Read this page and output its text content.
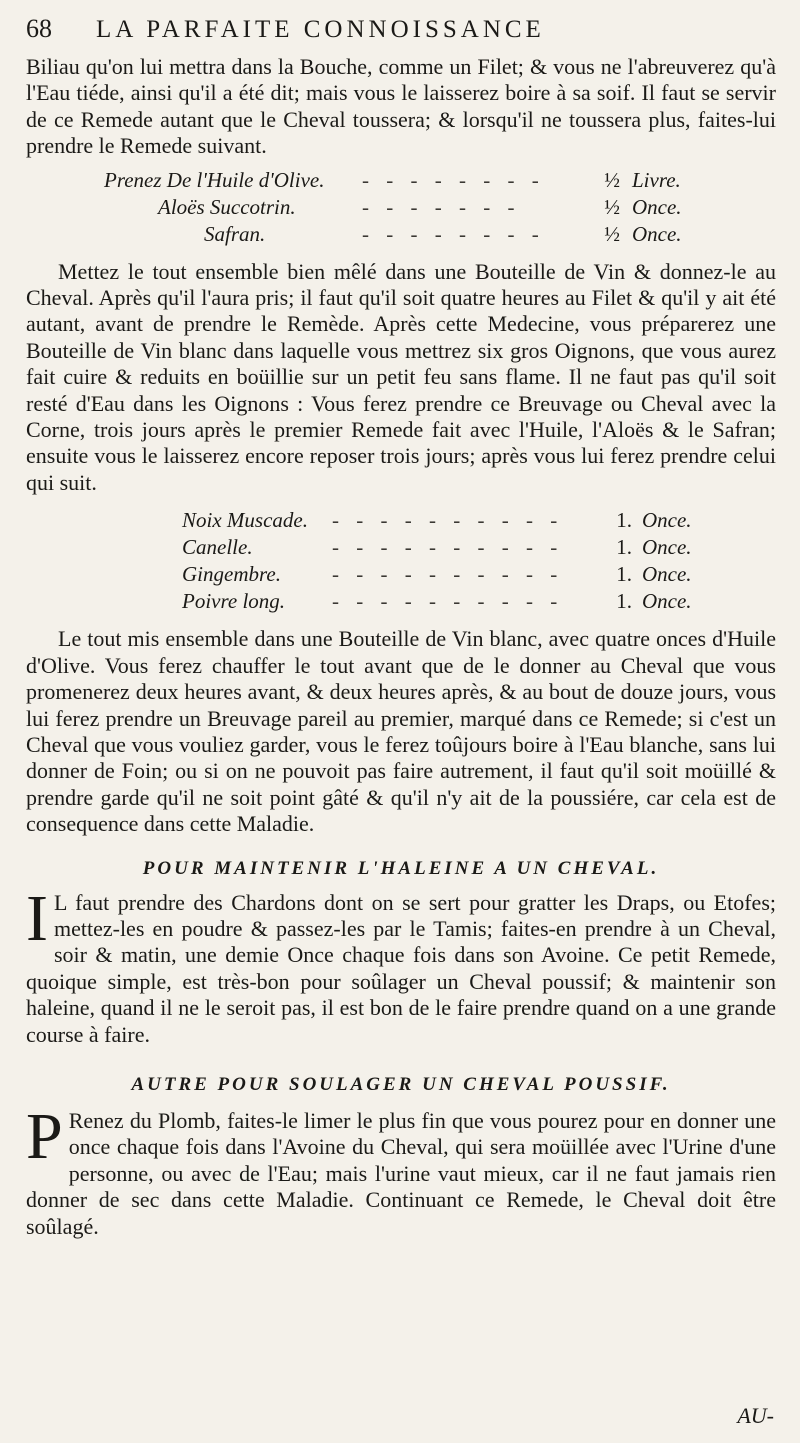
68	LA PARFAITE CONNOISSANCE

Biliau qu'on lui mettra dans la Bouche, comme un Filet; & vous ne l'abreuverez qu'à l'Eau tiéde, ainsi qu'il a été dit; mais vous le laisserez boire à sa soif. Il faut se servir de ce Remede autant que le Cheval toussera; & lorsqu'il ne toussera plus, faites-lui prendre le Remede suivant.

Prenez De l'Huile d'Olive.	- - - - - - - -	½ Livre.
Aloës Succotrin.	- - - - - - -	½ Once.
Safran.	- - - - - - - -	½ Once.

Mettez le tout ensemble bien mêlé dans une Bouteille de Vin & donnez-le au Cheval. Après qu'il l'aura pris; il faut qu'il soit quatre heures au Filet & qu'il y ait été autant, avant de prendre le Remède. Après cette Medecine, vous préparerez une Bouteille de Vin blanc dans laquelle vous mettrez six gros Oignons, que vous aurez fait cuire & reduits en boüillie sur un petit feu sans flame. Il ne faut pas qu'il soit resté d'Eau dans les Oignons : Vous ferez prendre ce Breuvage ou Cheval avec la Corne, trois jours après le premier Remede fait avec l'Huile, l'Aloës & le Safran; ensuite vous le laisserez encore reposer trois jours; après vous lui ferez prendre celui qui suit.

Noix Muscade.	- - - - - - - - - -	1. Once.
Canelle.	- - - - - - - - - -	1. Once.
Gingembre.	- - - - - - - - - -	1. Once.
Poivre long.	- - - - - - - - - -	1. Once.

Le tout mis ensemble dans une Bouteille de Vin blanc, avec quatre onces d'Huile d'Olive. Vous ferez chauffer le tout avant que de le donner au Cheval que vous promenerez deux heures avant, & deux heures après, & au bout de douze jours, vous lui ferez prendre un Breuvage pareil au premier, marqué dans ce Remede; si c'est un Cheval que vous vouliez garder, vous le ferez toûjours boire à l'Eau blanche, sans lui donner de Foin; ou si on ne pouvoit pas faire autrement, il faut qu'il soit moüillé & prendre garde qu'il ne soit point gâté & qu'il n'y ait de la poussiére, car cela est de consequence dans cette Maladie.

POUR MAINTENIR L'HALEINE A UN CHEVAL.

I L faut prendre des Chardons dont on se sert pour gratter les Draps, ou Etofes; mettez-les en poudre & passez-les par le Tamis; faites-en prendre à un Cheval, soir & matin, une demie Once chaque fois dans son Avoine. Ce petit Remede, quoique simple, est très-bon pour soûlager un Cheval poussif; & maintenir son haleine, quand il ne le seroit pas, il est bon de le faire prendre quand on a une grande course à faire.

AUTRE POUR SOULAGER UN CHEVAL POUSSIF.

P Renez du Plomb, faites-le limer le plus fin que vous pourez pour en donner une once chaque fois dans l'Avoine du Cheval, qui sera moüillée avec l'Urine d'une personne, ou avec de l'Eau; mais l'urine vaut mieux, car il ne faut jamais rien donner de sec dans cette Maladie. Continuant ce Remede, le Cheval doit être soûlagé.

AU-
